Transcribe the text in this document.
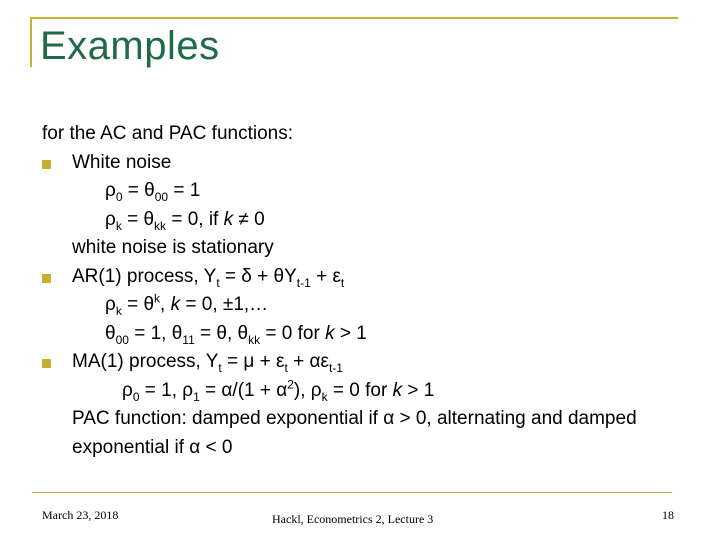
Examples
for the AC and PAC functions:
White noise
$\rho_0 = \theta_{00} = 1$
$\rho_k = \theta_{kk} = 0$, if k ≠ 0
white noise is stationary
AR(1) process, $Y_t = \delta + \theta Y_{t-1} + \varepsilon_t$
$\rho_k = \theta^k$, k = 0, ±1,…
$\theta_{00} = 1$, $\theta_{11} = \theta$, $\theta_{kk} = 0$ for k > 1
MA(1) process, $Y_t = \mu + \varepsilon_t + \alpha\varepsilon_{t-1}$
$\rho_0 = 1$, $\rho_1 = \alpha/(1 + \alpha^2)$, $\rho_k = 0$ for k > 1
PAC function: damped exponential if α > 0, alternating and damped exponential if α < 0
March 23, 2018	Hackl, Econometrics 2, Lecture 3	18
